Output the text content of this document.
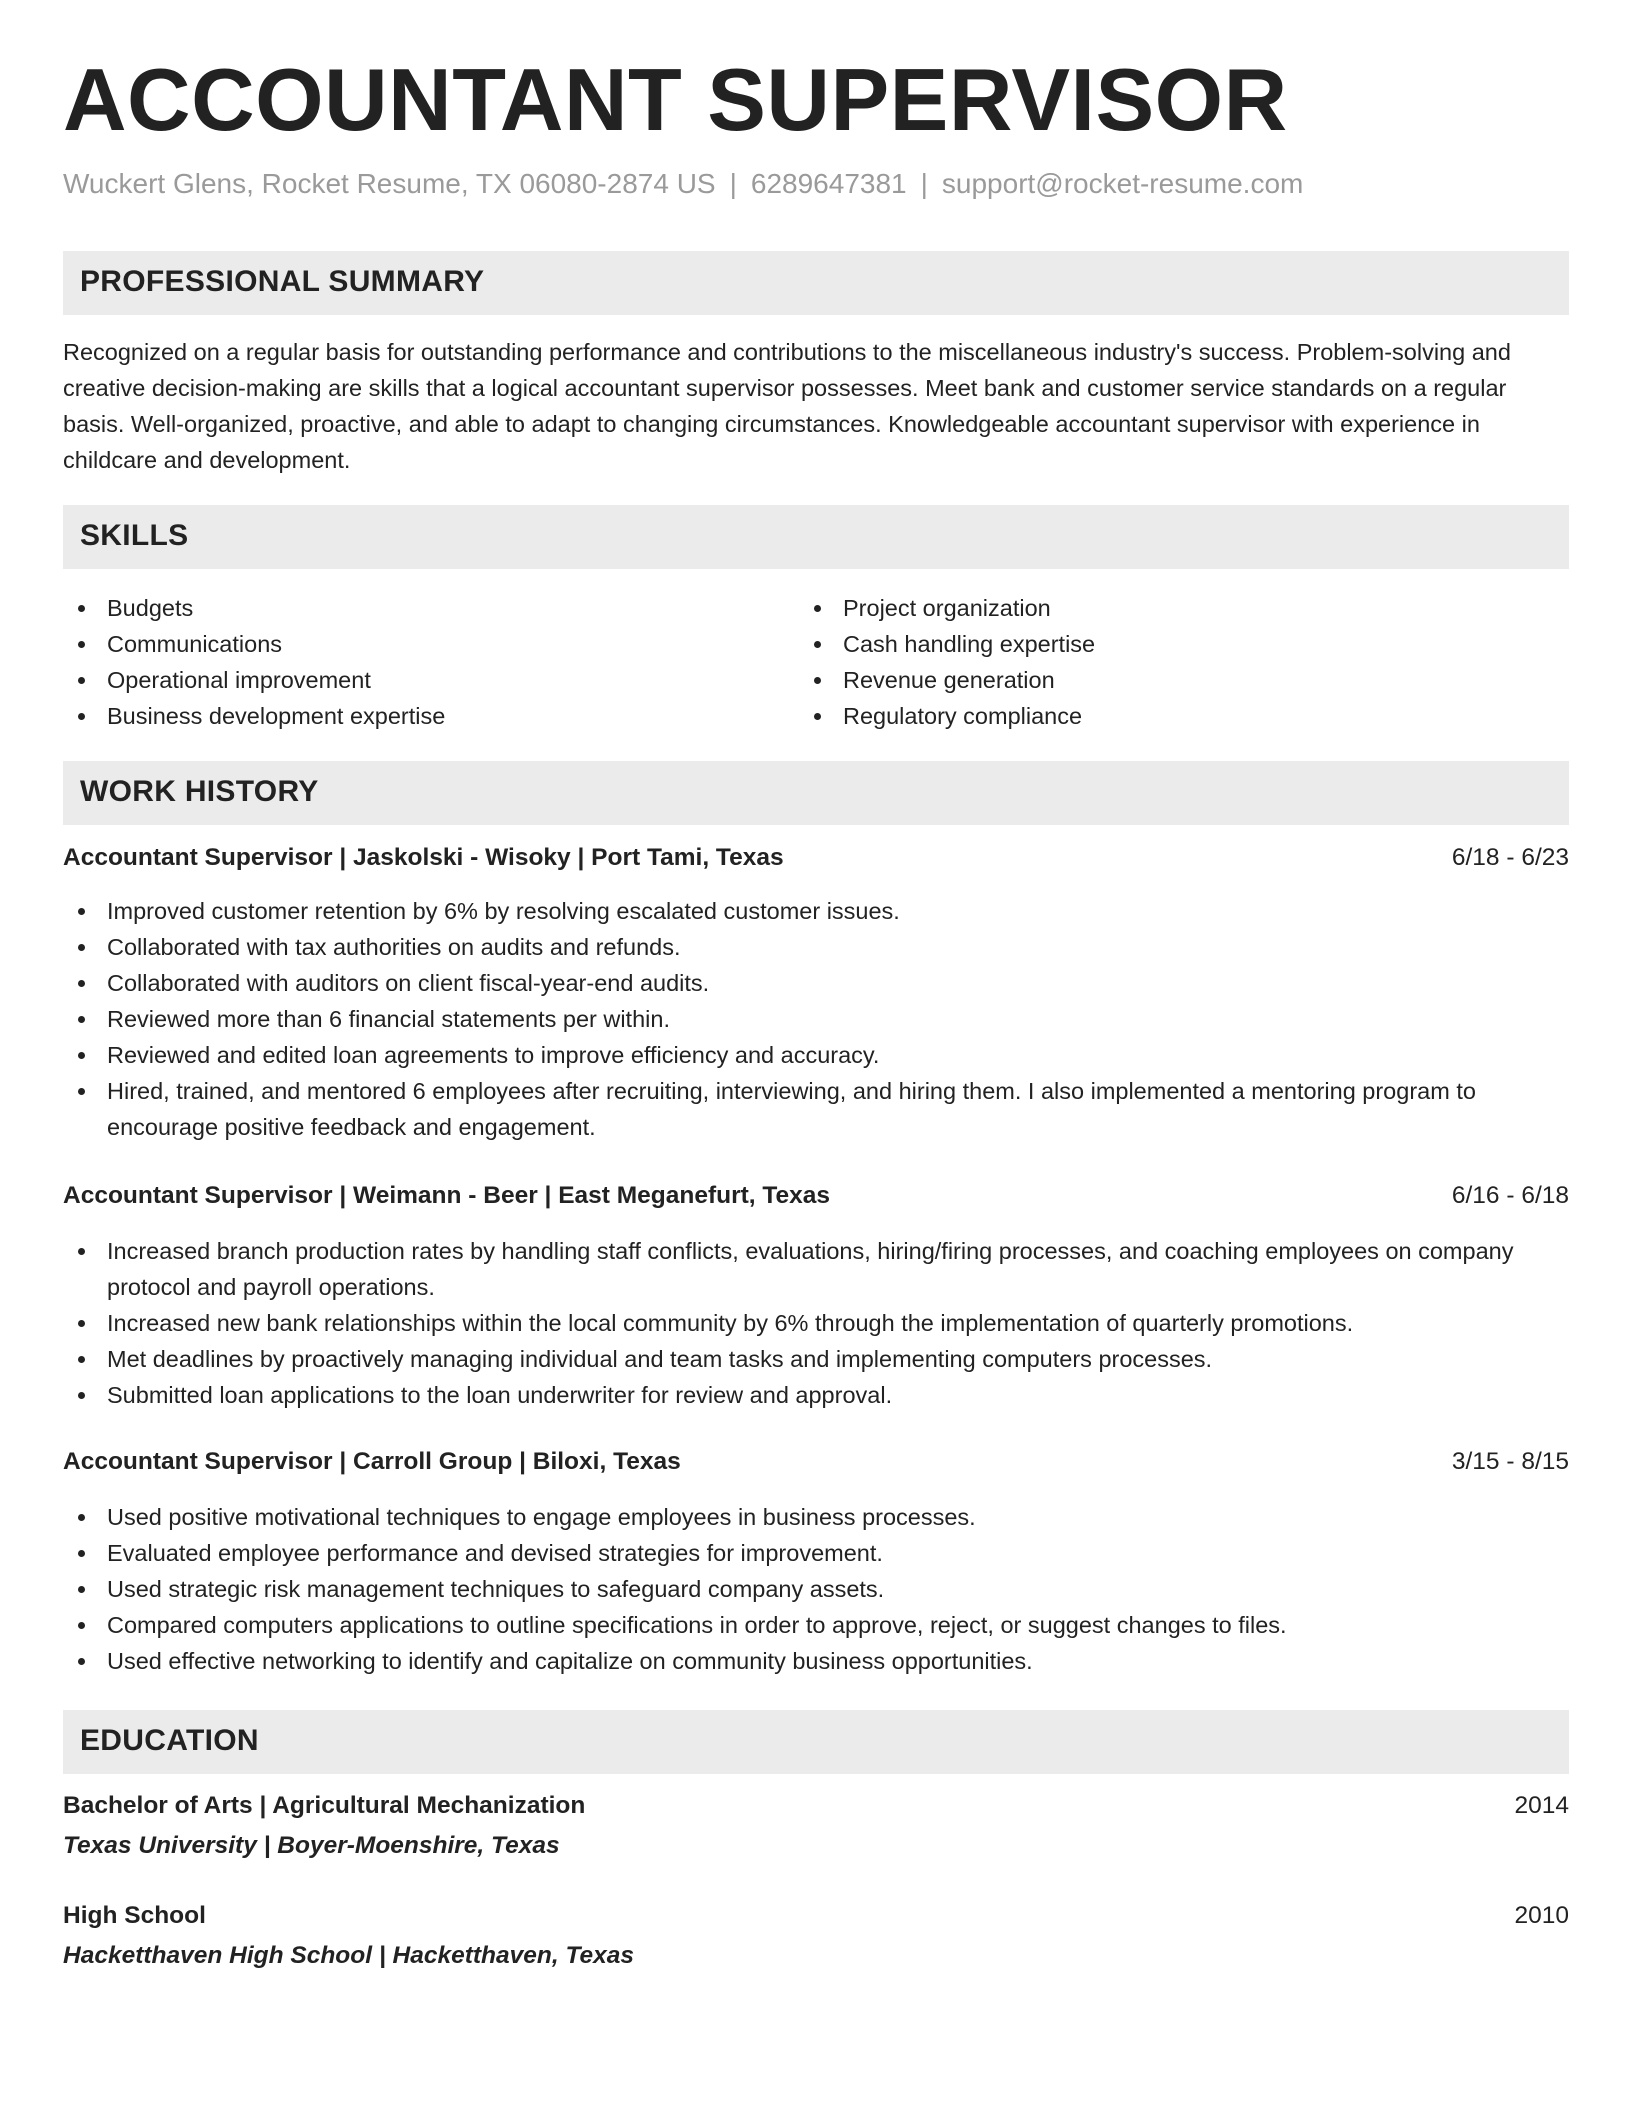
ACCOUNTANT SUPERVISOR
Wuckert Glens, Rocket Resume, TX 06080-2874 US | 6289647381 | support@rocket-resume.com
PROFESSIONAL SUMMARY
Recognized on a regular basis for outstanding performance and contributions to the miscellaneous industry's success. Problem-solving and creative decision-making are skills that a logical accountant supervisor possesses. Meet bank and customer service standards on a regular basis. Well-organized, proactive, and able to adapt to changing circumstances. Knowledgeable accountant supervisor with experience in childcare and development.
SKILLS
Budgets
Communications
Operational improvement
Business development expertise
Project organization
Cash handling expertise
Revenue generation
Regulatory compliance
WORK HISTORY
Accountant Supervisor | Jaskolski - Wisoky | Port Tami, Texas	6/18 - 6/23
Improved customer retention by 6% by resolving escalated customer issues.
Collaborated with tax authorities on audits and refunds.
Collaborated with auditors on client fiscal-year-end audits.
Reviewed more than 6 financial statements per within.
Reviewed and edited loan agreements to improve efficiency and accuracy.
Hired, trained, and mentored 6 employees after recruiting, interviewing, and hiring them. I also implemented a mentoring program to encourage positive feedback and engagement.
Accountant Supervisor | Weimann - Beer | East Meganefurt, Texas	6/16 - 6/18
Increased branch production rates by handling staff conflicts, evaluations, hiring/firing processes, and coaching employees on company protocol and payroll operations.
Increased new bank relationships within the local community by 6% through the implementation of quarterly promotions.
Met deadlines by proactively managing individual and team tasks and implementing computers processes.
Submitted loan applications to the loan underwriter for review and approval.
Accountant Supervisor | Carroll Group | Biloxi, Texas	3/15 - 8/15
Used positive motivational techniques to engage employees in business processes.
Evaluated employee performance and devised strategies for improvement.
Used strategic risk management techniques to safeguard company assets.
Compared computers applications to outline specifications in order to approve, reject, or suggest changes to files.
Used effective networking to identify and capitalize on community business opportunities.
EDUCATION
Bachelor of Arts | Agricultural Mechanization	2014
Texas University | Boyer-Moenshire, Texas
High School	2010
Hacketthaven High School | Hacketthaven, Texas
